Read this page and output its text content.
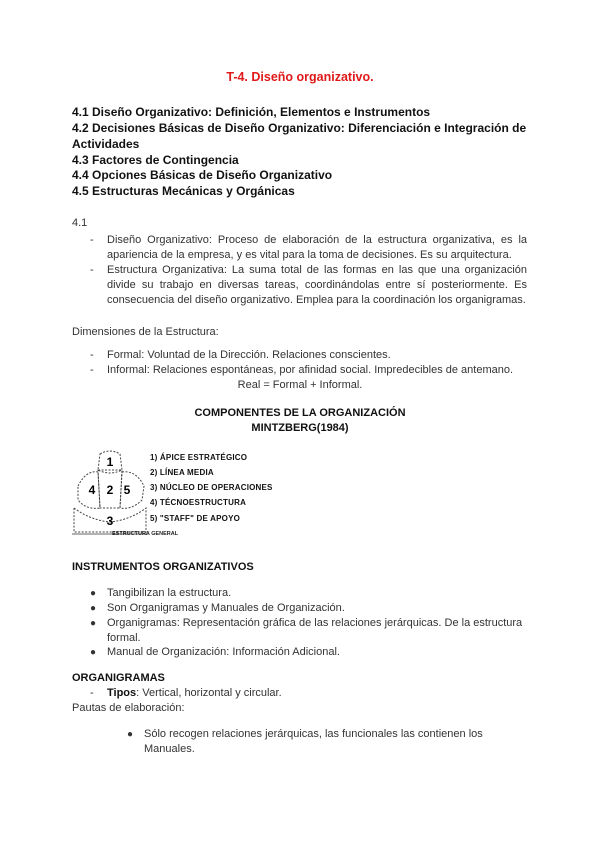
T-4. Diseño organizativo.
4.1 Diseño Organizativo: Definición, Elementos e Instrumentos
4.2 Decisiones Básicas de Diseño Organizativo: Diferenciación e Integración de Actividades
4.3 Factores de Contingencia
4.4 Opciones Básicas de Diseño Organizativo
4.5 Estructuras Mecánicas y Orgánicas
4.1
- Diseño Organizativo: Proceso de elaboración de la estructura organizativa, es la apariencia de la empresa, y es vital para la toma de decisiones. Es su arquitectura.
- Estructura Organizativa: La suma total de las formas en las que una organización divide su trabajo en diversas tareas, coordinándolas entre sí posteriormente. Es consecuencia del diseño organizativo. Emplea para la coordinación los organigramas.
Dimensiones de la Estructura:
- Formal: Voluntad de la Dirección. Relaciones conscientes.
- Informal: Relaciones espontáneas, por afinidad social. Impredecibles de antemano.
Real = Formal + Informal.
COMPONENTES DE LA ORGANIZACIÓN
MINTZBERG(1984)
1
4 2 5
3
1) ÁPICE ESTRATÉGICO
2) LÍNEA MEDIA
3) NÚCLEO DE OPERACIONES
4) TÉCNOESTRUCTURA
5) "STAFF" DE APOYO
ESTRUCTURA GENERAL
INSTRUMENTOS ORGANIZATIVOS
● Tangibilizan la estructura.
● Son Organigramas y Manuales de Organización.
● Organigramas: Representación gráfica de las relaciones jerárquicas. De la estructura formal.
● Manual de Organización: Información Adicional.
ORGANIGRAMAS
- Tipos: Vertical, horizontal y circular.
Pautas de elaboración:
● Sólo recogen relaciones jerárquicas, las funcionales las contienen los Manuales.
